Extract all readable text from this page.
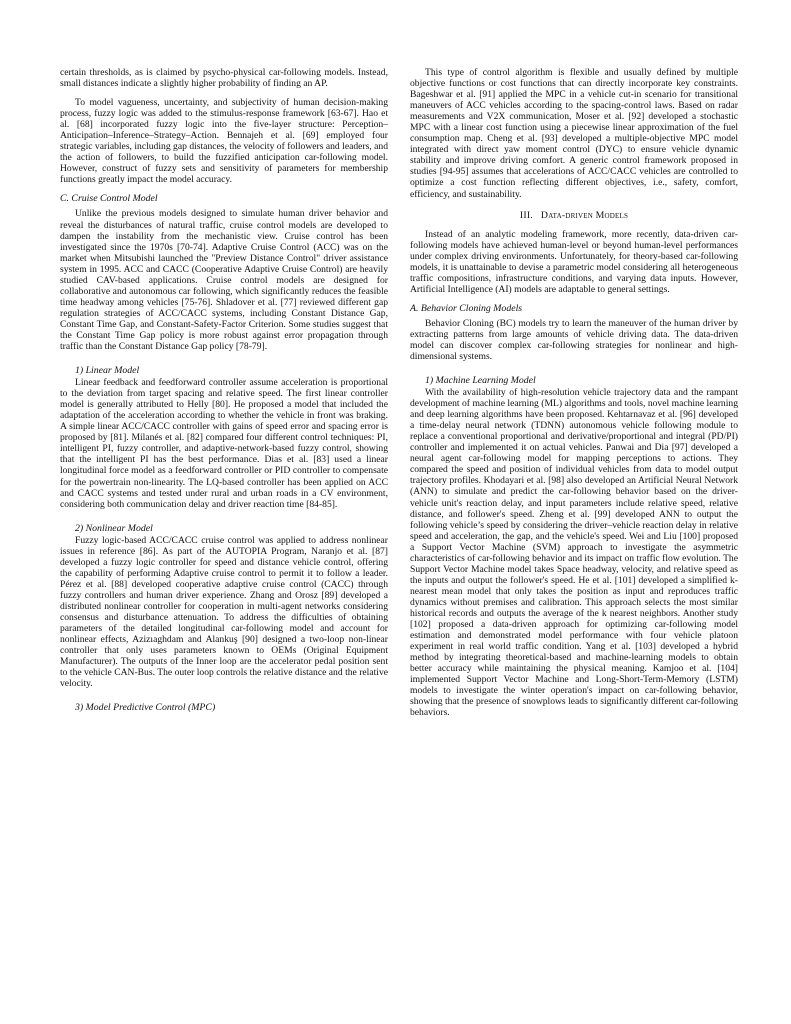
certain thresholds, as is claimed by psycho-physical car-following models. Instead, small distances indicate a slightly higher probability of finding an AP.

To model vagueness, uncertainty, and subjectivity of human decision-making process, fuzzy logic was added to the stimulus-response framework [63-67]. Hao et al. [68] incorporated fuzzy logic into the five-layer structure: Perception–Anticipation–Inference–Strategy–Action. Bennajeh et al. [69] employed four strategic variables, including gap distances, the velocity of followers and leaders, and the action of followers, to build the fuzzified anticipation car-following model. However, construct of fuzzy sets and sensitivity of parameters for membership functions greatly impact the model accuracy.

C. Cruise Control Model

Unlike the previous models designed to simulate human driver behavior and reveal the disturbances of natural traffic, cruise control models are developed to dampen the instability from the mechanistic view. Cruise control has been investigated since the 1970s [70-74]. Adaptive Cruise Control (ACC) was on the market when Mitsubishi launched the "Preview Distance Control" driver assistance system in 1995. ACC and CACC (Cooperative Adaptive Cruise Control) are heavily studied CAV-based applications. Cruise control models are designed for collaborative and autonomous car following, which significantly reduces the feasible time headway among vehicles [75-76]. Shladover et al. [77] reviewed different gap regulation strategies of ACC/CACC systems, including Constant Distance Gap, Constant Time Gap, and Constant-Safety-Factor Criterion. Some studies suggest that the Constant Time Gap policy is more robust against error propagation through traffic than the Constant Distance Gap policy [78-79].

1) Linear Model

Linear feedback and feedforward controller assume acceleration is proportional to the deviation from target spacing and relative speed. The first linear controller model is generally attributed to Helly [80]. He proposed a model that included the adaptation of the acceleration according to whether the vehicle in front was braking. A simple linear ACC/CACC controller with gains of speed error and spacing error is proposed by [81]. Milanés et al. [82] compared four different control techniques: PI, intelligent PI, fuzzy controller, and adaptive-network-based fuzzy control, showing that the intelligent PI has the best performance. Dias et al. [83] used a linear longitudinal force model as a feedforward controller or PID controller to compensate for the powertrain non-linearity. The LQ-based controller has been applied on ACC and CACC systems and tested under rural and urban roads in a CV environment, considering both communication delay and driver reaction time [84-85].

2) Nonlinear Model

Fuzzy logic-based ACC/CACC cruise control was applied to address nonlinear issues in reference [86]. As part of the AUTOPIA Program, Naranjo et al. [87] developed a fuzzy logic controller for speed and distance vehicle control, offering the capability of performing Adaptive cruise control to permit it to follow a leader. Pérez et al. [88] developed cooperative adaptive cruise control (CACC) through fuzzy controllers and human driver experience. Zhang and Orosz [89] developed a distributed nonlinear controller for cooperation in multi-agent networks considering consensus and disturbance attenuation. To address the difficulties of obtaining parameters of the detailed longitudinal car-following model and account for nonlinear effects, Azizıaghdam and Alankuş [90] designed a two-loop non-linear controller that only uses parameters known to OEMs (Original Equipment Manufacturer). The outputs of the Inner loop are the accelerator pedal position sent to the vehicle CAN-Bus. The outer loop controls the relative distance and the relative velocity.

3) Model Predictive Control (MPC)

This type of control algorithm is flexible and usually defined by multiple objective functions or cost functions that can directly incorporate key constraints. Bageshwar et al. [91] applied the MPC in a vehicle cut-in scenario for transitional maneuvers of ACC vehicles according to the spacing-control laws. Based on radar measurements and V2X communication, Moser et al. [92] developed a stochastic MPC with a linear cost function using a piecewise linear approximation of the fuel consumption map. Cheng et al. [93] developed a multiple-objective MPC model integrated with direct yaw moment control (DYC) to ensure vehicle dynamic stability and improve driving comfort. A generic control framework proposed in studies [94-95] assumes that accelerations of ACC/CACC vehicles are controlled to optimize a cost function reflecting different objectives, i.e., safety, comfort, efficiency, and sustainability.

III. Data-driven Models

Instead of an analytic modeling framework, more recently, data-driven car-following models have achieved human-level or beyond human-level performances under complex driving environments. Unfortunately, for theory-based car-following models, it is unattainable to devise a parametric model considering all heterogeneous traffic compositions, infrastructure conditions, and varying data inputs. However, Artificial Intelligence (AI) models are adaptable to general settings.

A. Behavior Cloning Models

Behavior Cloning (BC) models try to learn the maneuver of the human driver by extracting patterns from large amounts of vehicle driving data. The data-driven model can discover complex car-following strategies for nonlinear and high-dimensional systems.

1) Machine Learning Model

With the availability of high-resolution vehicle trajectory data and the rampant development of machine learning (ML) algorithms and tools, novel machine learning and deep learning algorithms have been proposed. Kehtarnavaz et al. [96] developed a time-delay neural network (TDNN) autonomous vehicle following module to replace a conventional proportional and derivative/proportional and integral (PD/PI) controller and implemented it on actual vehicles. Panwai and Dia [97] developed a neural agent car-following model for mapping perceptions to actions. They compared the speed and position of individual vehicles from data to model output trajectory profiles. Khodayari et al. [98] also developed an Artificial Neural Network (ANN) to simulate and predict the car-following behavior based on the driver-vehicle unit's reaction delay, and input parameters include relative speed, relative distance, and follower's speed. Zheng et al. [99] developed ANN to output the following vehicle’s speed by considering the driver–vehicle reaction delay in relative speed and acceleration, the gap, and the vehicle's speed. Wei and Liu [100] proposed a Support Vector Machine (SVM) approach to investigate the asymmetric characteristics of car-following behavior and its impact on traffic flow evolution. The Support Vector Machine model takes Space headway, velocity, and relative speed as the inputs and output the follower's speed. He et al. [101] developed a simplified k-nearest mean model that only takes the position as input and reproduces traffic dynamics without premises and calibration. This approach selects the most similar historical records and outputs the average of the k nearest neighbors. Another study [102] proposed a data-driven approach for optimizing car-following model estimation and demonstrated model performance with four vehicle platoon experiment in real world traffic condition. Yang et al. [103] developed a hybrid method by integrating theoretical-based and machine-learning models to obtain better accuracy while maintaining the physical meaning. Kamjoo et al. [104] implemented Support Vector Machine and Long-Short-Term-Memory (LSTM) models to investigate the winter operation's impact on car-following behavior, showing that the presence of snowplows leads to significantly different car-following behaviors.
